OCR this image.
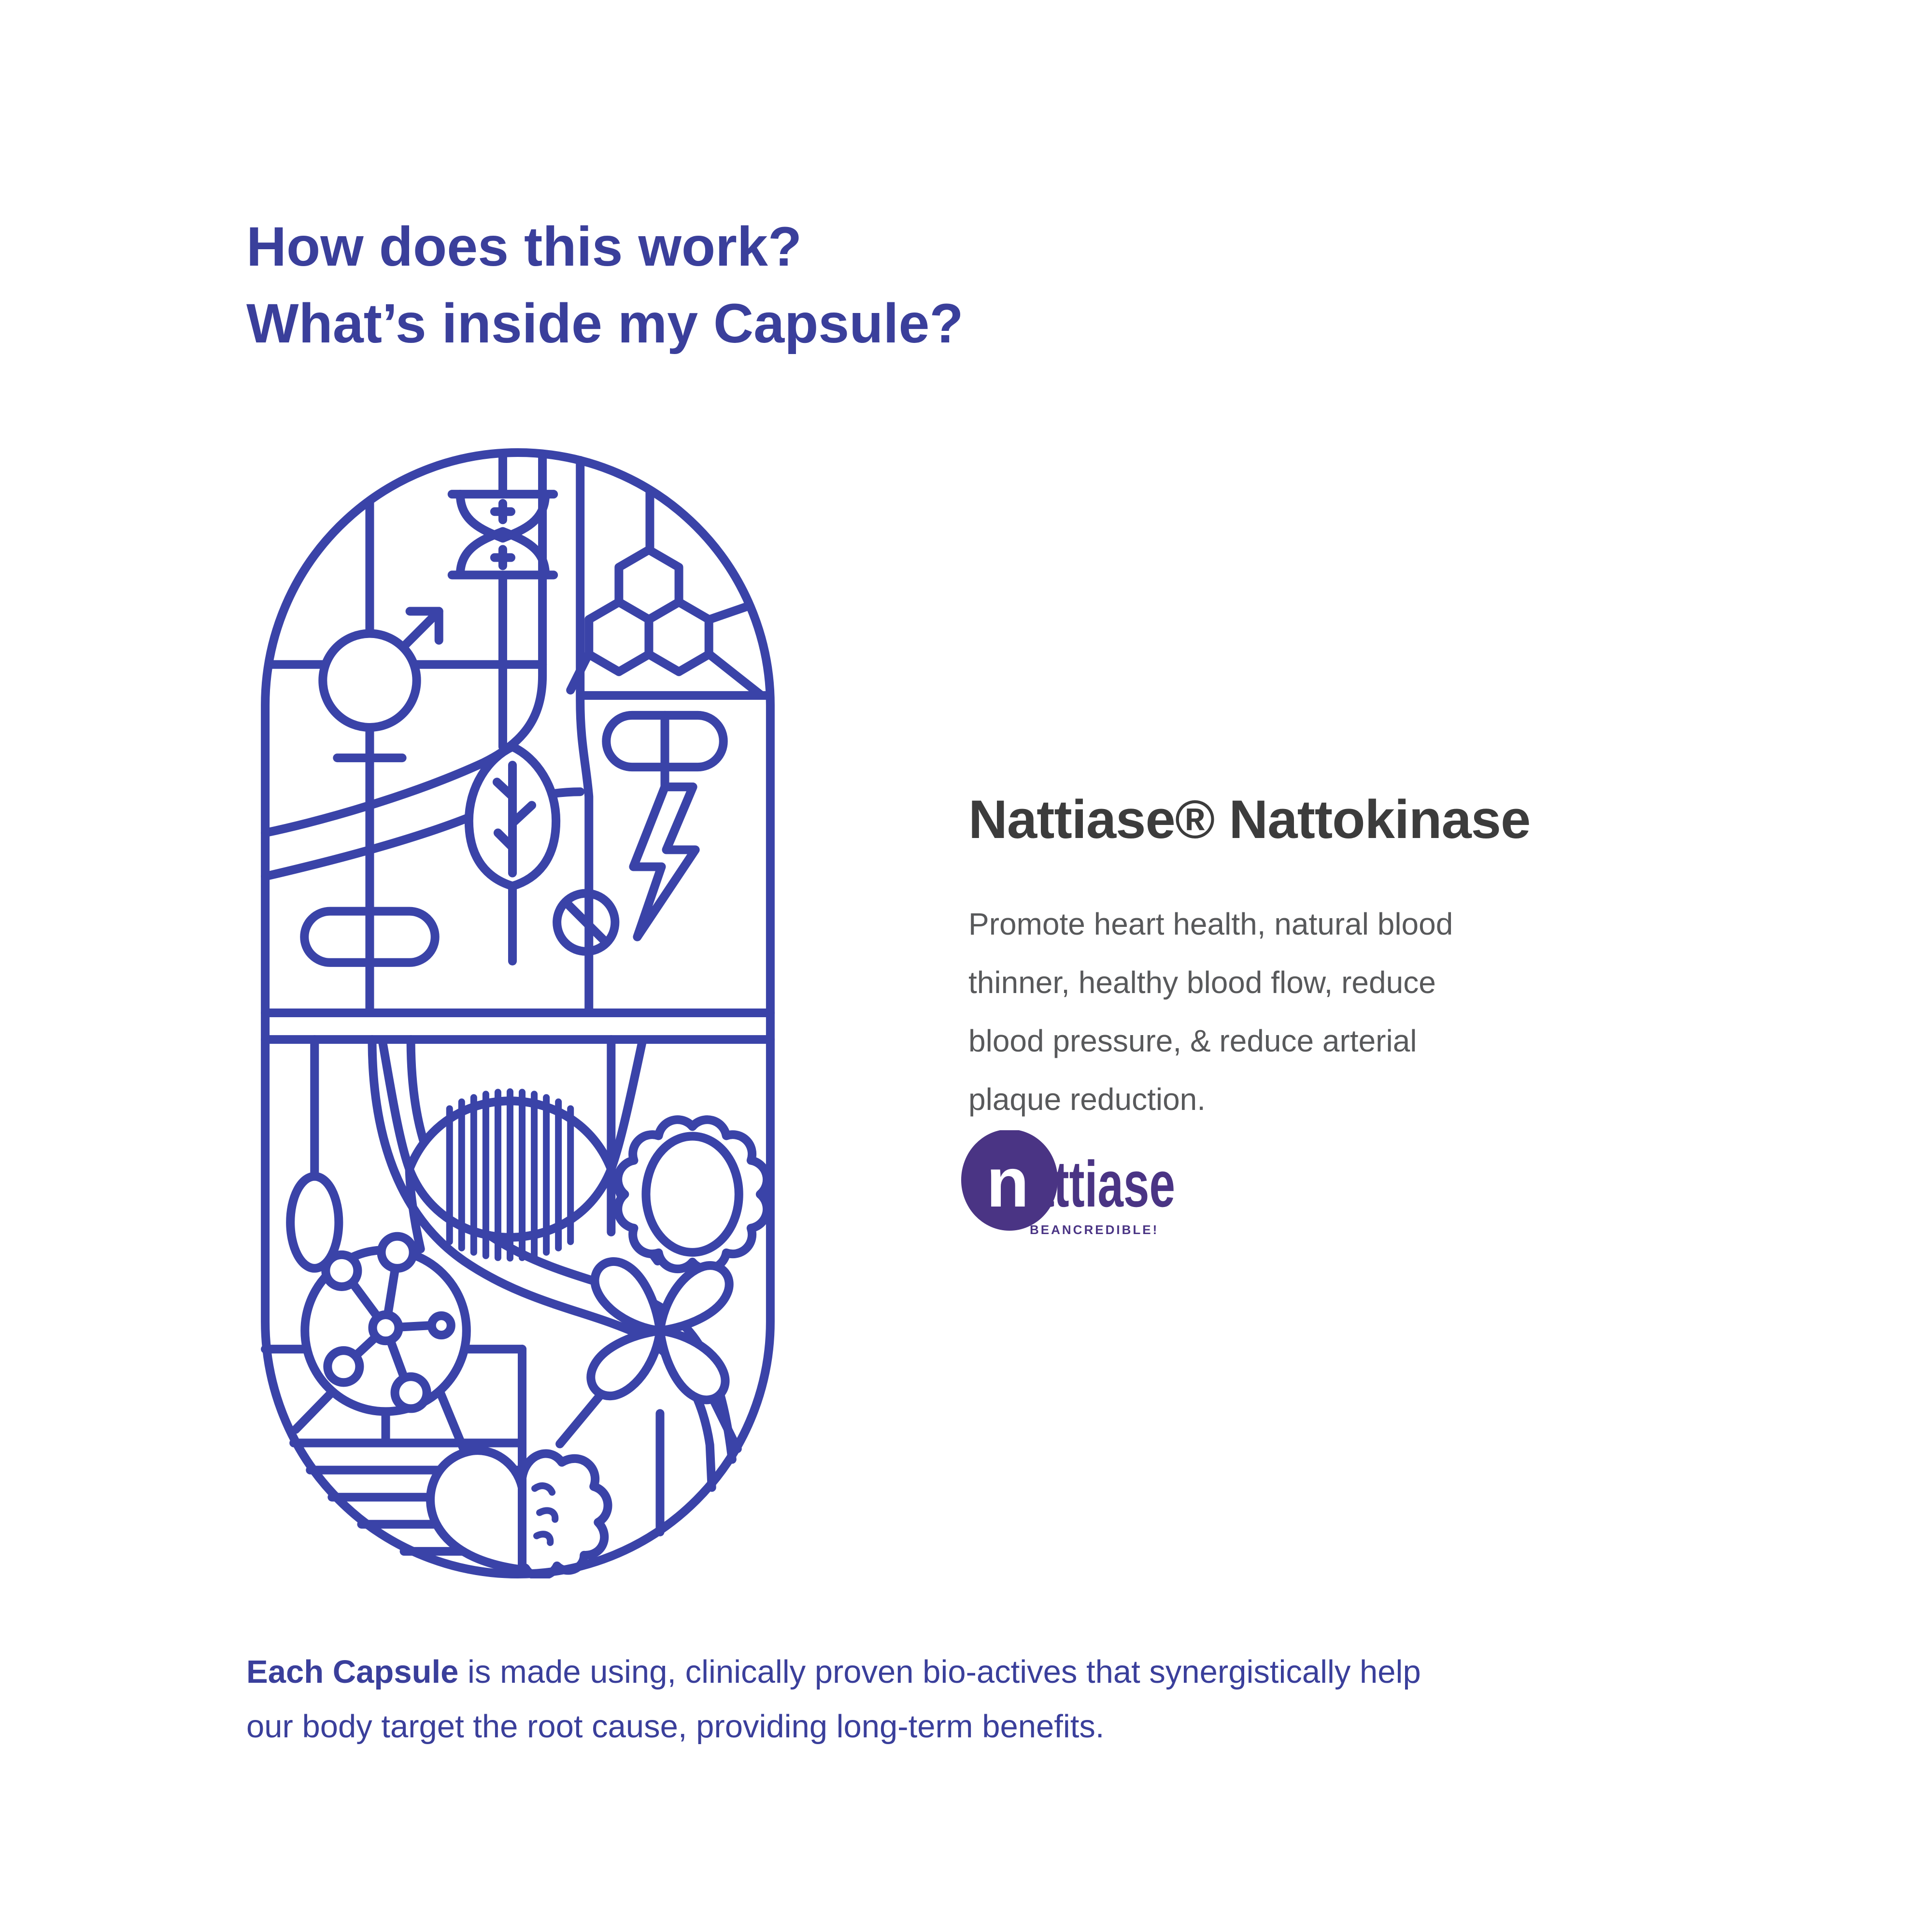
How does this work?
What’s inside my Capsule?
Nattiase® Nattokinase
Promote heart health, natural blood
thinner, healthy blood flow, reduce
blood pressure, & reduce arterial
plaque reduction.
n
attiase
BEANCREDIBLE!
Each Capsule is made using, clinically proven bio-actives that synergistically help
our body target the root cause, providing long-term benefits.
